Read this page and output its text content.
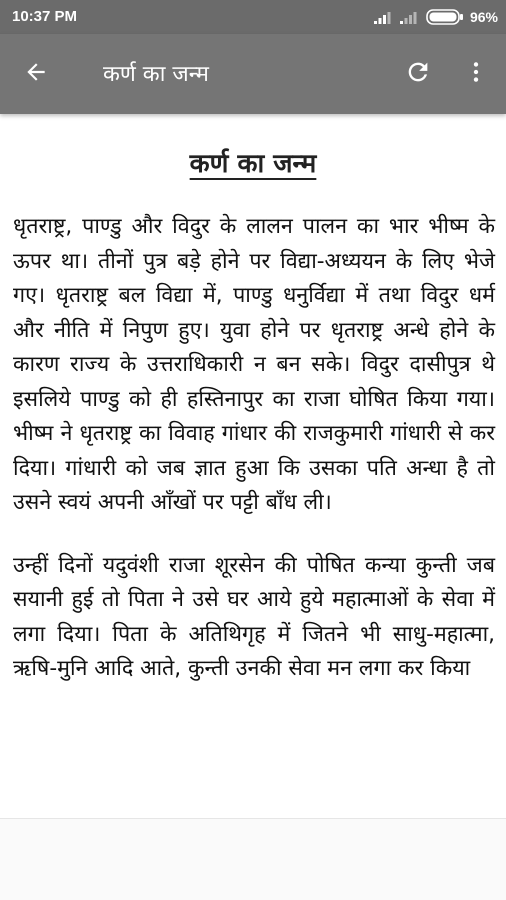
10:37 PM	96%
कर्ण का जन्म
कर्ण का जन्म

धृतराष्ट्र, पाण्डु और विदुर के लालन पालन का भार भीष्म के ऊपर था। तीनों पुत्र बड़े होने पर विद्या-अध्ययन के लिए भेजे गए। धृतराष्ट्र बल विद्या में, पाण्डु धनुर्विद्या में तथा विदुर धर्म और नीति में निपुण हुए। युवा होने पर धृतराष्ट्र अन्धे होने के कारण राज्य के उत्तराधिकारी न बन सके। विदुर दासीपुत्र थे इसलिये पाण्डु को ही हस्तिनापुर का राजा घोषित किया गया। भीष्म ने धृतराष्ट्र का विवाह गांधार की राजकुमारी गांधारी से कर दिया। गांधारी को जब ज्ञात हुआ कि उसका पति अन्धा है तो उसने स्वयं अपनी आँखों पर पट्टी बाँध ली।

उन्हीं दिनों यदुवंशी राजा शूरसेन की पोषित कन्या कुन्ती जब सयानी हुई तो पिता ने उसे घर आये हुये महात्माओं के सेवा में लगा दिया। पिता के अतिथिगृह में जितने भी साधु-महात्मा, ऋषि-मुनि आदि आते, कुन्ती उनकी सेवा मन लगा कर किया
